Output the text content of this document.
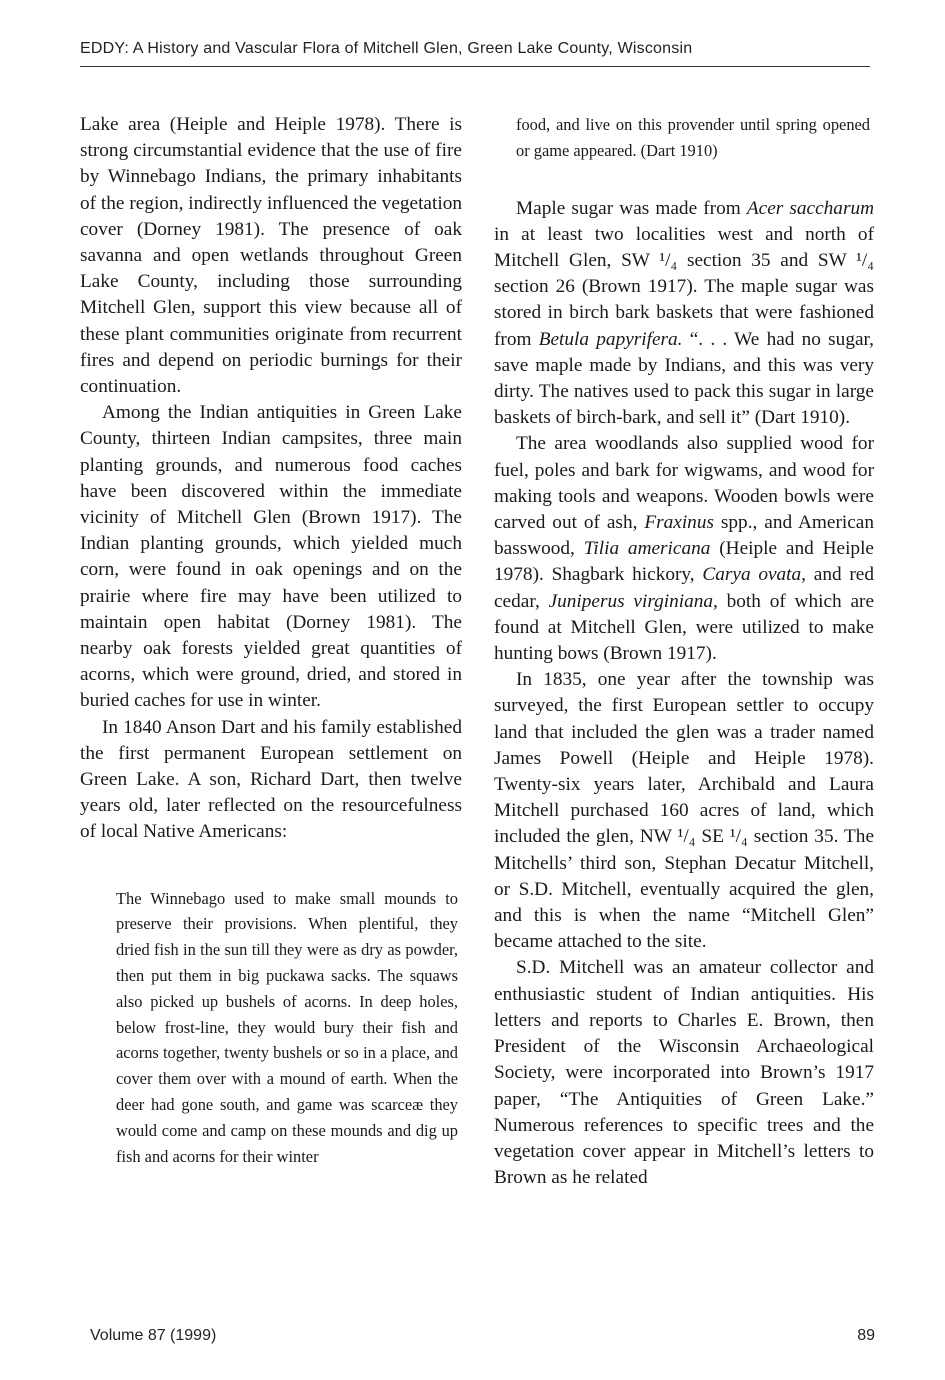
EDDY: A History and Vascular Flora of Mitchell Glen, Green Lake County, Wisconsin

Lake area (Heiple and Heiple 1978). There is strong circumstantial evidence that the use of fire by Winnebago Indians, the primary inhabitants of the region, indirectly influenced the vegetation cover (Dorney 1981). The presence of oak savanna and open wetlands throughout Green Lake County, including those surrounding Mitchell Glen, support this view because all of these plant communities originate from recurrent fires and depend on periodic burnings for their continuation.

Among the Indian antiquities in Green Lake County, thirteen Indian campsites, three main planting grounds, and numerous food caches have been discovered within the immediate vicinity of Mitchell Glen (Brown 1917). The Indian planting grounds, which yielded much corn, were found in oak openings and on the prairie where fire may have been utilized to maintain open habitat (Dorney 1981). The nearby oak forests yielded great quantities of acorns, which were ground, dried, and stored in buried caches for use in winter.

In 1840 Anson Dart and his family established the first permanent European settlement on Green Lake. A son, Richard Dart, then twelve years old, later reflected on the resourcefulness of local Native Americans:

The Winnebago used to make small mounds to preserve their provisions. When plentiful, they dried fish in the sun till they were as dry as powder, then put them in big puckawa sacks. The squaws also picked up bushels of acorns. In deep holes, below frost-line, they would bury their fish and acorns together, twenty bushels or so in a place, and cover them over with a mound of earth. When the deer had gone south, and game was scarceæ they would come and camp on these mounds and dig up fish and acorns for their winter

food, and live on this provender until spring opened or game appeared. (Dart 1910)

Maple sugar was made from Acer saccharum in at least two localities west and north of Mitchell Glen, SW ¹/₄ section 35 and SW ¹/₄ section 26 (Brown 1917). The maple sugar was stored in birch bark baskets that were fashioned from Betula papyrifera. “. . . We had no sugar, save maple made by Indians, and this was very dirty. The natives used to pack this sugar in large baskets of birch-bark, and sell it” (Dart 1910).

The area woodlands also supplied wood for fuel, poles and bark for wigwams, and wood for making tools and weapons. Wooden bowls were carved out of ash, Fraxinus spp., and American basswood, Tilia americana (Heiple and Heiple 1978). Shagbark hickory, Carya ovata, and red cedar, Juniperus virginiana, both of which are found at Mitchell Glen, were utilized to make hunting bows (Brown 1917).

In 1835, one year after the township was surveyed, the first European settler to occupy land that included the glen was a trader named James Powell (Heiple and Heiple 1978). Twenty-six years later, Archibald and Laura Mitchell purchased 160 acres of land, which included the glen, NW ¹/₄ SE ¹/₄ section 35. The Mitchells’ third son, Stephan Decatur Mitchell, or S.D. Mitchell, eventually acquired the glen, and this is when the name “Mitchell Glen” became attached to the site.

S.D. Mitchell was an amateur collector and enthusiastic student of Indian antiquities. His letters and reports to Charles E. Brown, then President of the Wisconsin Archaeological Society, were incorporated into Brown’s 1917 paper, “The Antiquities of Green Lake.” Numerous references to specific trees and the vegetation cover appear in Mitchell’s letters to Brown as he related

Volume 87 (1999)	89
